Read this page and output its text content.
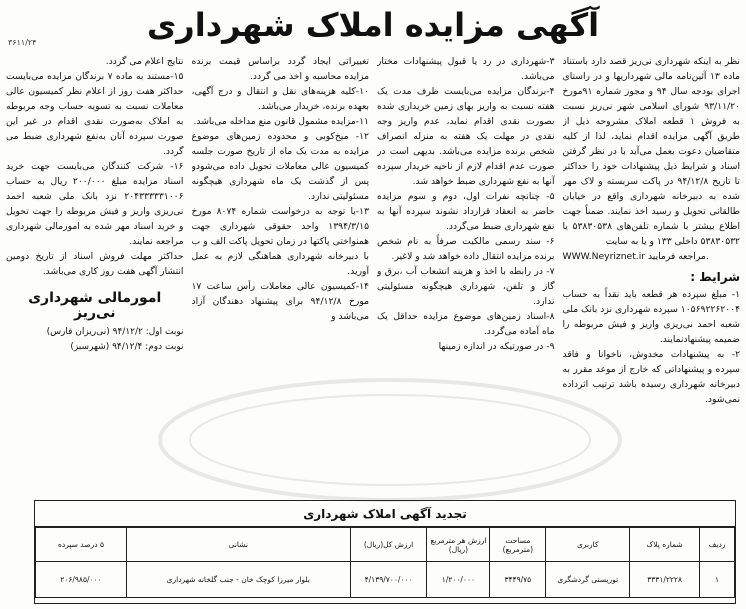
۳۶۱۱/۲۴	آگهی مزایده املاک شهرداری

نظر به اینکه شهرداری نی‌ریز قصد دارد باستناد ماده ۱۳ آئین‌نامه مالی شهرداریها و در راستای اجرای بودجه سال ۹۴ و مجوز شماره ۹۱مورخ ۹۳/۱۱/۲۰ شورای اسلامی شهر نی‌ریز نسبت به فروش ۱ قطعه املاک مشروحه ذیل از طریق آگهی مزایده اقدام نماید، لذا از کلیه متقاضیان دعوت بعمل می‌آید با در نظر گرفتن اسناد و شرایط ذیل پیشنهادات خود را حداکثر تا تاریخ ۹۴/۱۲/۸ در پاکت سربسته و لاک مهر شده به دبیرخانه شهرداری واقع در خیابان طالقانی تحویل و رسید اخذ نمایند. ضمناً جهت اطلاع بیشتر با شماره تلفن‌های ۵۳۸۳۰۵۳۸ یا ۵۳۸۳۰۵۳۲ داخلی ۱۳۳ و یا به سایت

WWW.Neyriznet.ir مراجعه فرمایید.

شرایط :

۱- مبلغ سپرده هر قطعه باید نقداً به حساب ۱۰۵۶۹۲۲۶۲۰۰۴ سپرده شهرداری نزد بانک ملی شعبه احمد نی‌ریزی واریز و فیش مربوطه را ضمیمه پیشنهادنمایند.

۲- به پیشنهادات مخدوش، ناخوانا و فاقد سپرده و پیشنهاداتی که خارج از موعد مقرر به دبیرخانه شهرداری رسیده باشد ترتیب اثرداده نمی‌شود.

۳-شهرداری در رد یا قبول پیشنهادات مختار می‌باشد.

۴-برندگان مزایده می‌بایست ظرف مدت یک هفته نسبت به واریز بهای زمین خریداری شده بصورت نقدی اقدام نماید، عدم واریز وجه نقدی در مهلت یک هفته به منزله انصراف شخص برنده مزایده می‌باشد. بدیهی است در صورت عدم اقدام لازم از ناحیه خریدار سپرده آنها به نفع شهرداری ضبط خواهد شد.

۵- چنانچه نفرات اول، دوم و سوم مزایده حاضر به انعقاد قرارداد نشوند سپرده آنها به نفع شهرداری ضبط می‌گردد.

۶- سند رسمی مالکیت صرفاً به نام شخص برنده مزایده انتقال داده خواهد شد و لاغیر.

۷- در رابطه با اخذ و هزینه انشعاب آب ،برق و گاز و تلفن، شهرداری هیچگونه مسئولیتی ندارد.

۸-اسناد زمین‌های موضوع مزایده حداقل یک ماه آماده می‌گردد.

۹- در صورتیکه در اندازه زمینها

تغییراتی ایجاد گردد براساس قیمت برنده مزایده محاسبه و اخذ می گردد.

۱۰-کلیه هزینه‌های نقل و انتقال و درج آگهی، بعهده برنده، خریدار می‌باشد.

۱۱-مزایده مشمول قانون منع مداخله می‌باشد.

۱۲- میخ‌کوبی و محدوده زمین‌های موضوع مزایده به مدت یک ماه از تاریخ صورت جلسه کمیسیون عالی معاملات تحویل داده می‌شودو پس از گذشت یک ماه شهرداری هیچگونه مسئولیتی ندارد.

۱۳-با توجه به درخواست شماره ۸۰۷۴ مورخ ۱۳۹۴/۳/۱۵ واحد حقوقی شهرداری جهت همنواختی پاکتها در زمان تحویل پاکت الف و ب با دبیرخانه شهرداری هماهنگی لازم به عمل آورید.

۱۴-کمیسیون عالی معاملات رأس ساعت ۱۷ مورخ ۹۴/۱۲/۸ برای پیشنهاد دهندگان آزاد می‌باشد و

نتایج اعلام می گردد.

۱۵-مستند به ماده ۷ برندگان مزایده می‌بایست حداکثر هفت روز از اعلام نظر کمیسیون عالی معاملات نسبت به تسویه حساب وجه مربوطه به املاک به‌صورت نقدی اقدام در غیر این صورت سپرده آنان به‌نفع شهرداری ضبط می گردد.

۱۶- شرکت کنندگان می‌بایست جهت خرید اسناد مزایده مبلغ ۲۰۰/۰۰۰ ریال به حساب ۲۰۴۳۳۳۳۳۱۰۰۶ نزد بانک ملی شعبه احمد نی‌ریزی واریز و فیش مربوطه را جهت تحویل و خرید اسناد مهر شده به امورمالی شهرداری مراجعه نمایند.

حداکثر مهلت فروش اسناد از تاریخ دومین انتشار آگهی هفت روز کاری می‌باشد.

امورمالی شهرداری نی‌ریز

نوبت اول: ۹۴/۱۲/۲ (نی‌ریزان فارس)

نوبت دوم: ۹۴/۱۲/۴ (شهرسبز)

تجدید آگهی املاک شهرداری
ردیف	شماره پلاک	کاربری	مساحت (مترمربع)	ارزش هر مترمربع (ریال)	ارزش کل(ریال)	نشانی	۵ درصد سپرده
۱	۳۳۳۱/۲۲۲۸	توریستی گردشگری	۳۴۴۹/۷۵	۱/۲۰۰/۰۰۰	۴/۱۳۹/۷۰۰/۰۰۰	بلوار میرزا کوچک خان - جنب گلخانه شهرداری	۲۰۶/۹۸۵/۰۰۰
